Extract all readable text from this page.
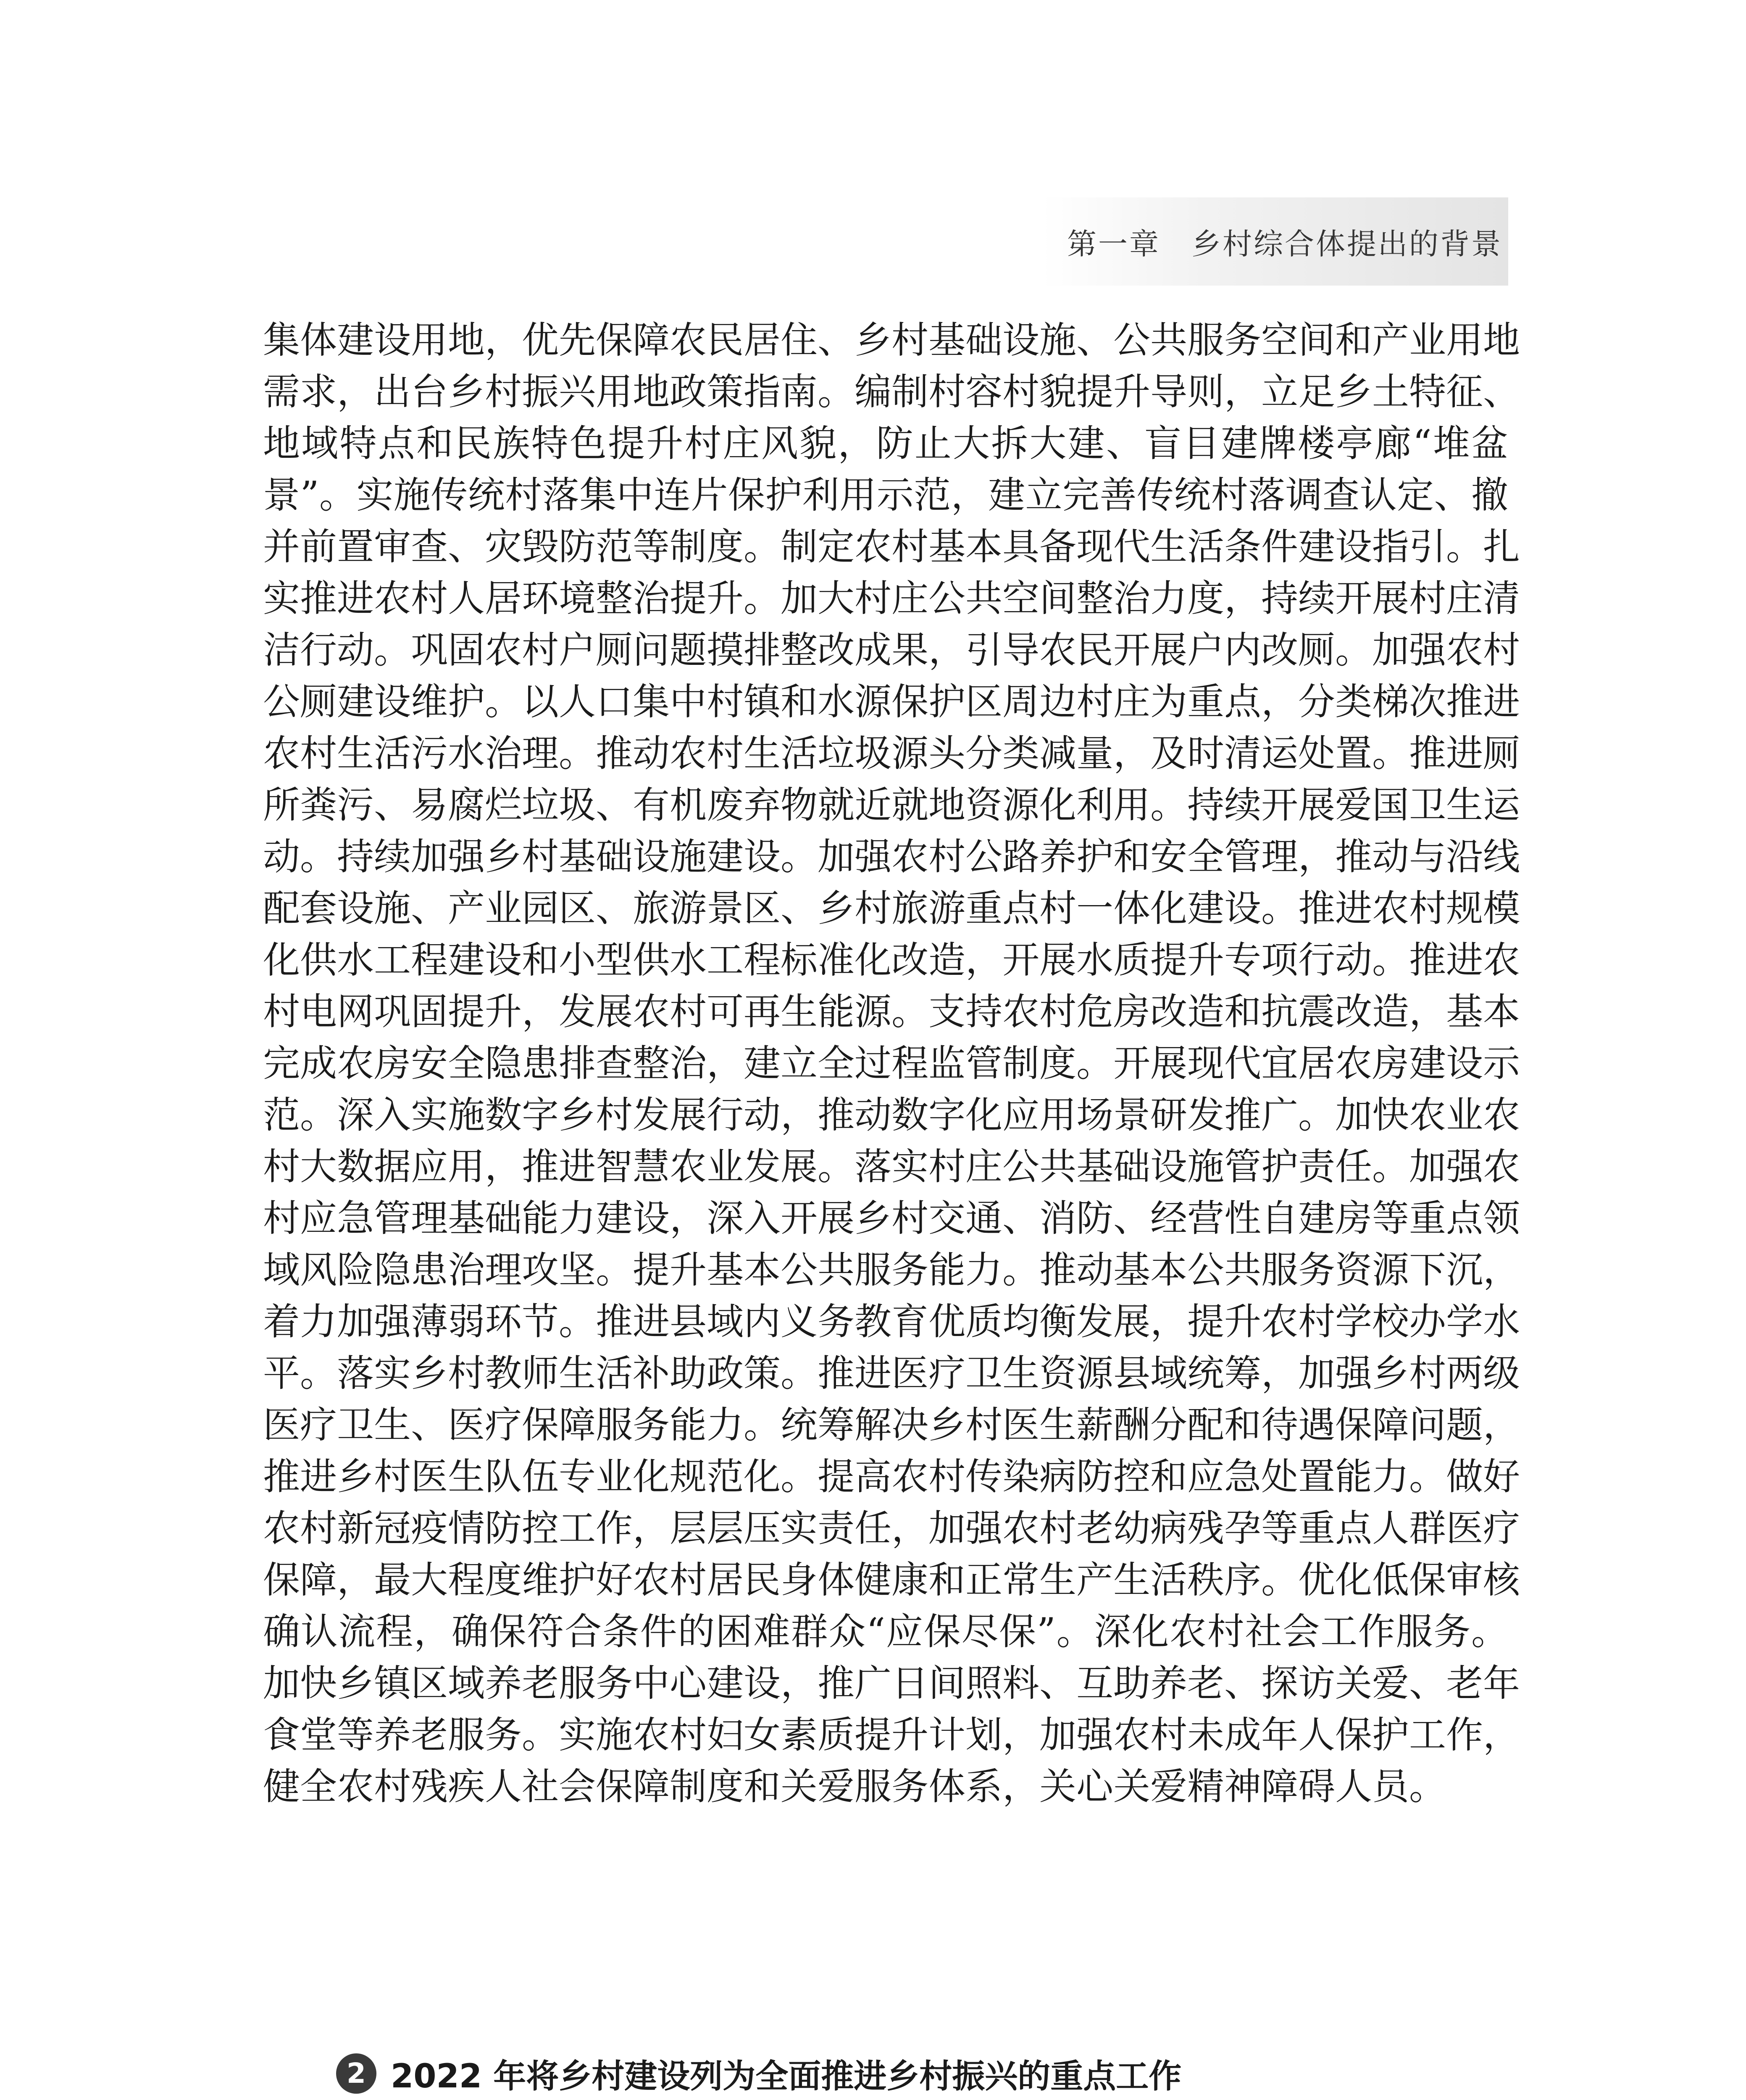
第一章　乡村综合体提出的背景
集体建设用地，优先保障农民居住、乡村基础设施、公共服务空间和产业用地
需求，出台乡村振兴用地政策指南。编制村容村貌提升导则，立足乡土特征、
地域特点和民族特色提升村庄风貌，防止大拆大建、盲目建牌楼亭廊“堆盆
景”。实施传统村落集中连片保护利用示范，建立完善传统村落调查认定、撤
并前置审查、灾毁防范等制度。制定农村基本具备现代生活条件建设指引。扎
实推进农村人居环境整治提升。加大村庄公共空间整治力度，持续开展村庄清
洁行动。巩固农村户厕问题摸排整改成果，引导农民开展户内改厕。加强农村
公厕建设维护。以人口集中村镇和水源保护区周边村庄为重点，分类梯次推进
农村生活污水治理。推动农村生活垃圾源头分类减量，及时清运处置。推进厕
所粪污、易腐烂垃圾、有机废弃物就近就地资源化利用。持续开展爱国卫生运
动。持续加强乡村基础设施建设。加强农村公路养护和安全管理，推动与沿线
配套设施、产业园区、旅游景区、乡村旅游重点村一体化建设。推进农村规模
化供水工程建设和小型供水工程标准化改造，开展水质提升专项行动。推进农
村电网巩固提升，发展农村可再生能源。支持农村危房改造和抗震改造，基本
完成农房安全隐患排查整治，建立全过程监管制度。开展现代宜居农房建设示
范。深入实施数字乡村发展行动，推动数字化应用场景研发推广。加快农业农
村大数据应用，推进智慧农业发展。落实村庄公共基础设施管护责任。加强农
村应急管理基础能力建设，深入开展乡村交通、消防、经营性自建房等重点领
域风险隐患治理攻坚。提升基本公共服务能力。推动基本公共服务资源下沉，
着力加强薄弱环节。推进县域内义务教育优质均衡发展，提升农村学校办学水
平。落实乡村教师生活补助政策。推进医疗卫生资源县域统筹，加强乡村两级
医疗卫生、医疗保障服务能力。统筹解决乡村医生薪酬分配和待遇保障问题，
推进乡村医生队伍专业化规范化。提高农村传染病防控和应急处置能力。做好
农村新冠疫情防控工作，层层压实责任，加强农村老幼病残孕等重点人群医疗
保障，最大程度维护好农村居民身体健康和正常生产生活秩序。优化低保审核
确认流程，确保符合条件的困难群众“应保尽保”。深化农村社会工作服务。
加快乡镇区域养老服务中心建设，推广日间照料、互助养老、探访关爱、老年
食堂等养老服务。实施农村妇女素质提升计划，加强农村未成年人保护工作，
健全农村残疾人社会保障制度和关爱服务体系，关心关爱精神障碍人员。
2 2022 年将乡村建设列为全面推进乡村振兴的重点工作
